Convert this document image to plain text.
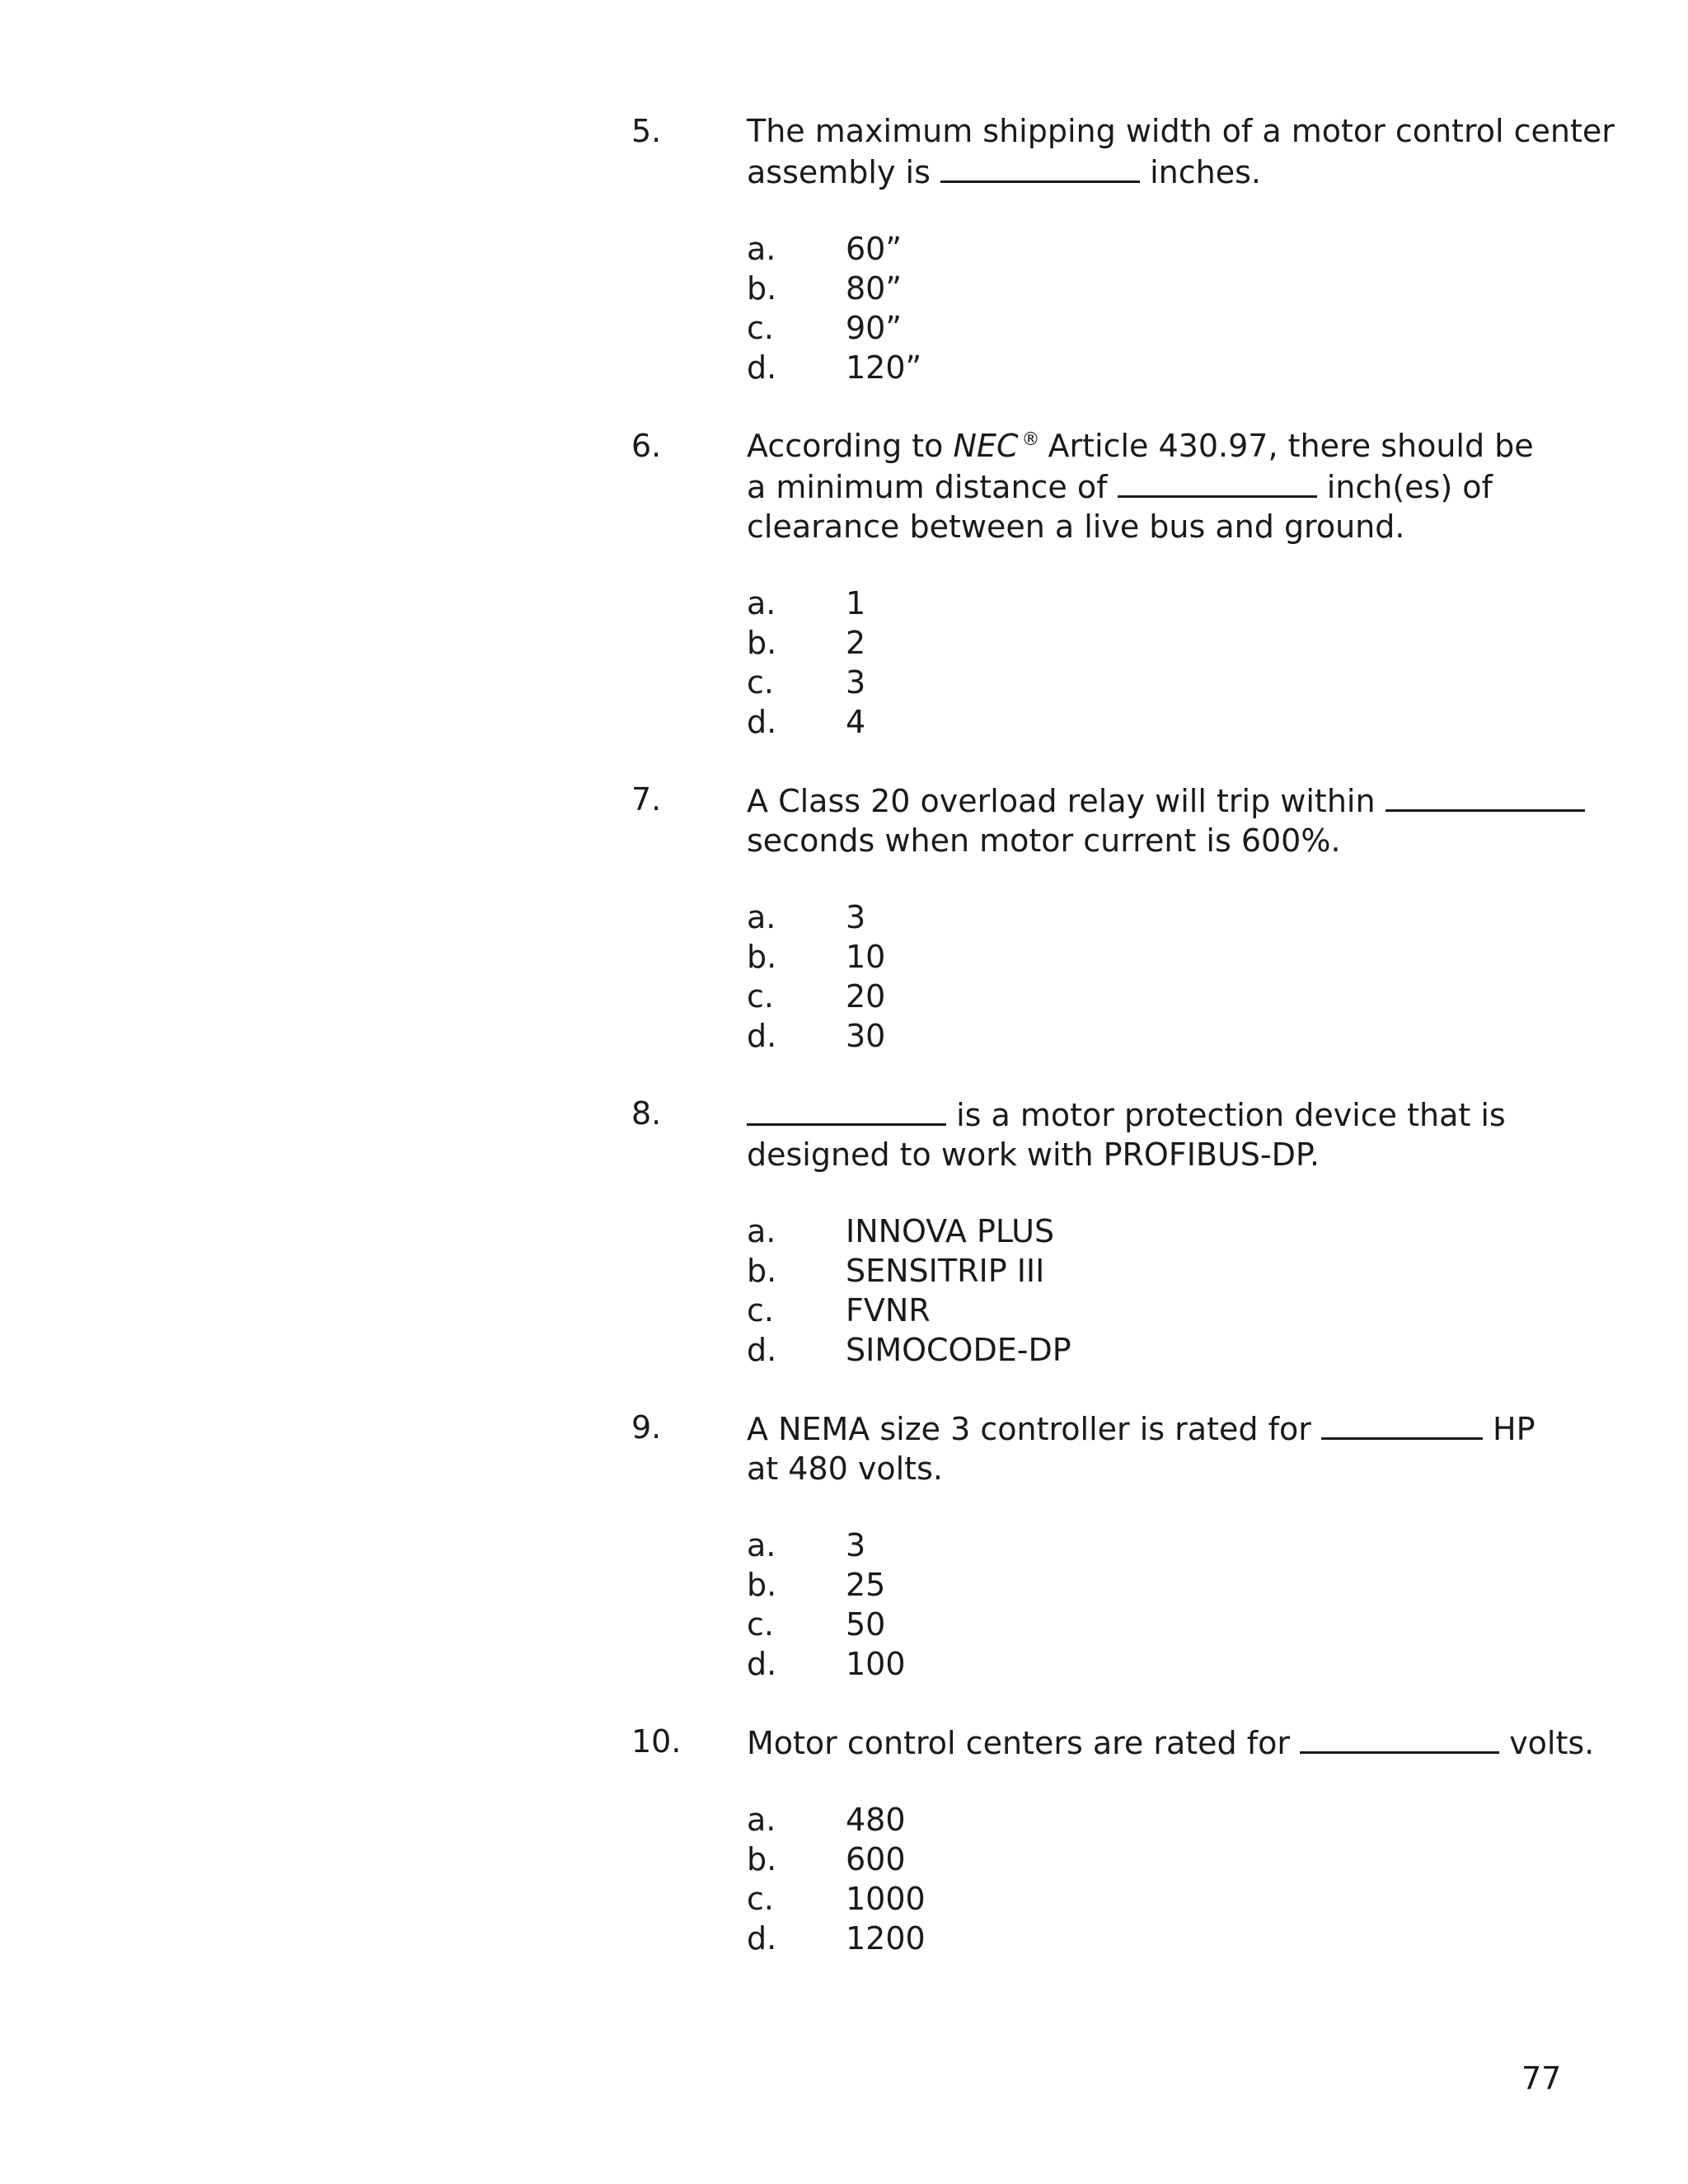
5.	The maximum shipping width of a motor control center
assembly is	inches.
a. 60”
b. 80”
c. 90”
d. 120”
6.	According to NEC ® Article 430.97, there should be
a minimum distance of	inch(es) of
clearance between a live bus and ground.
a. 1
b. 2
c. 3
d. 4
7.	A Class 20 overload relay will trip within
seconds when motor current is 600%.
a. 3
b. 10
c. 20
d. 30
8.	is a motor protection device that is
designed to work with PROFIBUS-DP.
a. INNOVA PLUS
b. SENSITRIP III
c. FVNR
d. SIMOCODE-DP
9.	A NEMA size 3 controller is rated for	HP
at 480 volts.
a. 3
b. 25
c. 50
d. 100
10. Motor control centers are rated for	volts.
a. 480
b. 600
c. 1000
d. 1200
77
